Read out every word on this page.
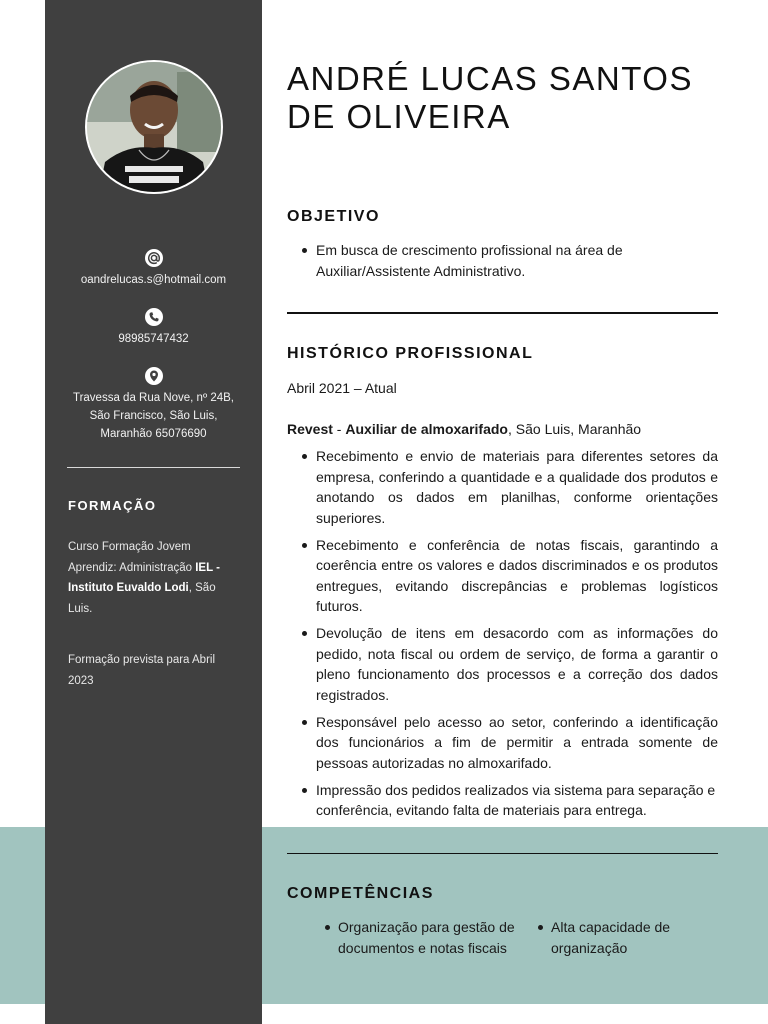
oandrelucas.s@hotmail.com
98985747432
Travessa da Rua Nove, nº 24B,
São Francisco, São Luis,
Maranhão 65076690
FORMAÇÃO
Curso Formação Jovem Aprendiz: Administração IEL - Instituto Euvaldo Lodi, São Luis.
Formação prevista para Abril 2023
ANDRÉ LUCAS SANTOS
DE OLIVEIRA
OBJETIVO
Em busca de crescimento profissional na área de Auxiliar/Assistente Administrativo.
HISTÓRICO PROFISSIONAL
Abril 2021 – Atual
Revest - Auxiliar de almoxarifado, São Luis, Maranhão
Recebimento e envio de materiais para diferentes setores da empresa, conferindo a quantidade e a qualidade dos produtos e anotando os dados em planilhas, conforme orientações superiores.
Recebimento e conferência de notas fiscais, garantindo a coerência entre os valores e dados discriminados e os produtos entregues, evitando discrepâncias e problemas logísticos futuros.
Devolução de itens em desacordo com as informações do pedido, nota fiscal ou ordem de serviço, de forma a garantir o pleno funcionamento dos processos e a correção dos dados registrados.
Responsável pelo acesso ao setor, conferindo a identificação dos funcionários a fim de permitir a entrada somente de pessoas autorizadas no almoxarifado.
Impressão dos pedidos realizados via sistema para separação e conferência, evitando falta de materiais para entrega.
COMPETÊNCIAS
Organização para gestão de documentos e notas fiscais
Alta capacidade de organização
